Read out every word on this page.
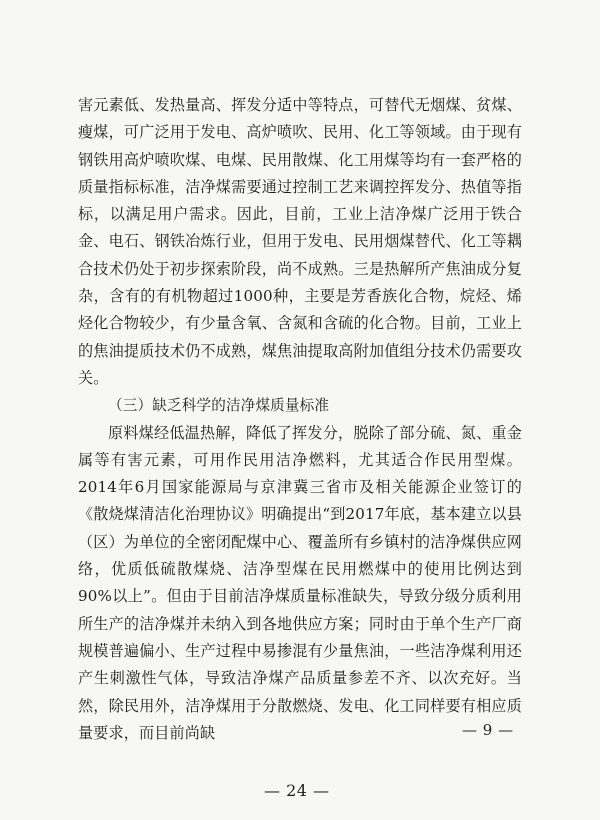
害元素低、发热量高、挥发分适中等特点，可替代无烟煤、贫煤、瘦煤，可广泛用于发电、高炉喷吹、民用、化工等领域。由于现有钢铁用高炉喷吹煤、电煤、民用散煤、化工用煤等均有一套严格的质量指标标准，洁净煤需要通过控制工艺来调控挥发分、热值等指标，以满足用户需求。因此，目前，工业上洁净煤广泛用于铁合金、电石、钢铁冶炼行业，但用于发电、民用烟煤替代、化工等耦合技术仍处于初步探索阶段，尚不成熟。三是热解所产焦油成分复杂，含有的有机物超过1000种，主要是芳香族化合物，烷烃、烯烃化合物较少，有少量含氧、含氮和含硫的化合物。目前，工业上的焦油提质技术仍不成熟，煤焦油提取高附加值组分技术仍需要攻关。

（三）缺乏科学的洁净煤质量标准

原料煤经低温热解，降低了挥发分，脱除了部分硫、氮、重金属等有害元素，可用作民用洁净燃料，尤其适合作民用型煤。2014年6月国家能源局与京津冀三省市及相关能源企业签订的《散烧煤清洁化治理协议》明确提出“到2017年底，基本建立以县（区）为单位的全密闭配煤中心、覆盖所有乡镇村的洁净煤供应网络，优质低硫散煤烧、洁净型煤在民用燃煤中的使用比例达到90%以上”。但由于目前洁净煤质量标准缺失，导致分级分质利用所生产的洁净煤并未纳入到各地供应方案；同时由于单个生产厂商规模普遍偏小、生产过程中易掺混有少量焦油，一些洁净煤利用还产生刺激性气体，导致洁净煤产品质量参差不齐、以次充好。当然，除民用外，洁净煤用于分散燃烧、发电、化工同样要有相应质量要求，而目前尚缺	— 9 —
— 24 —
